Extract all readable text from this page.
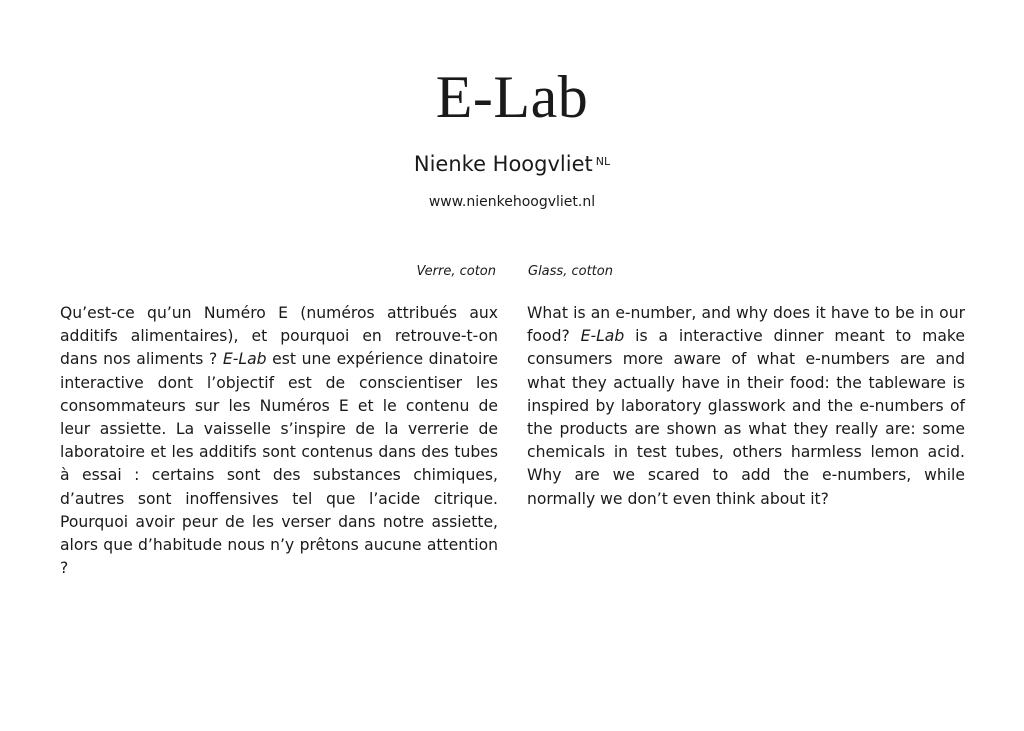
E-Lab

Nienke Hoogvliet $^{NL}$

www.nienkehoogvliet.nl

Verre, coton Glass, cotton

Qu’est-ce qu’un Numéro E (numéros attribués aux additifs alimentaires), et pourquoi en retrouve-t-on dans nos aliments ? E-Lab est une expérience dinatoire interactive dont l’objectif est de conscientiser les consommateurs sur les Numéros E et le contenu de leur assiette. La vaisselle s’inspire de la verrerie de laboratoire et les additifs sont contenus dans des tubes à essai : certains sont des substances chimiques, d’autres sont inoffensives tel que l’acide citrique. Pourquoi avoir peur de les verser dans notre assiette, alors que d’habitude nous n’y prêtons aucune attention ?

What is an e-number, and why does it have to be in our food? E-Lab is a interactive dinner meant to make consumers more aware of what e-numbers are and what they actually have in their food: the tableware is inspired by laboratory glasswork and the e-numbers of the products are shown as what they really are: some chemicals in test tubes, others harmless lemon acid. Why are we scared to add the e-numbers, while normally we don’t even think about it?
